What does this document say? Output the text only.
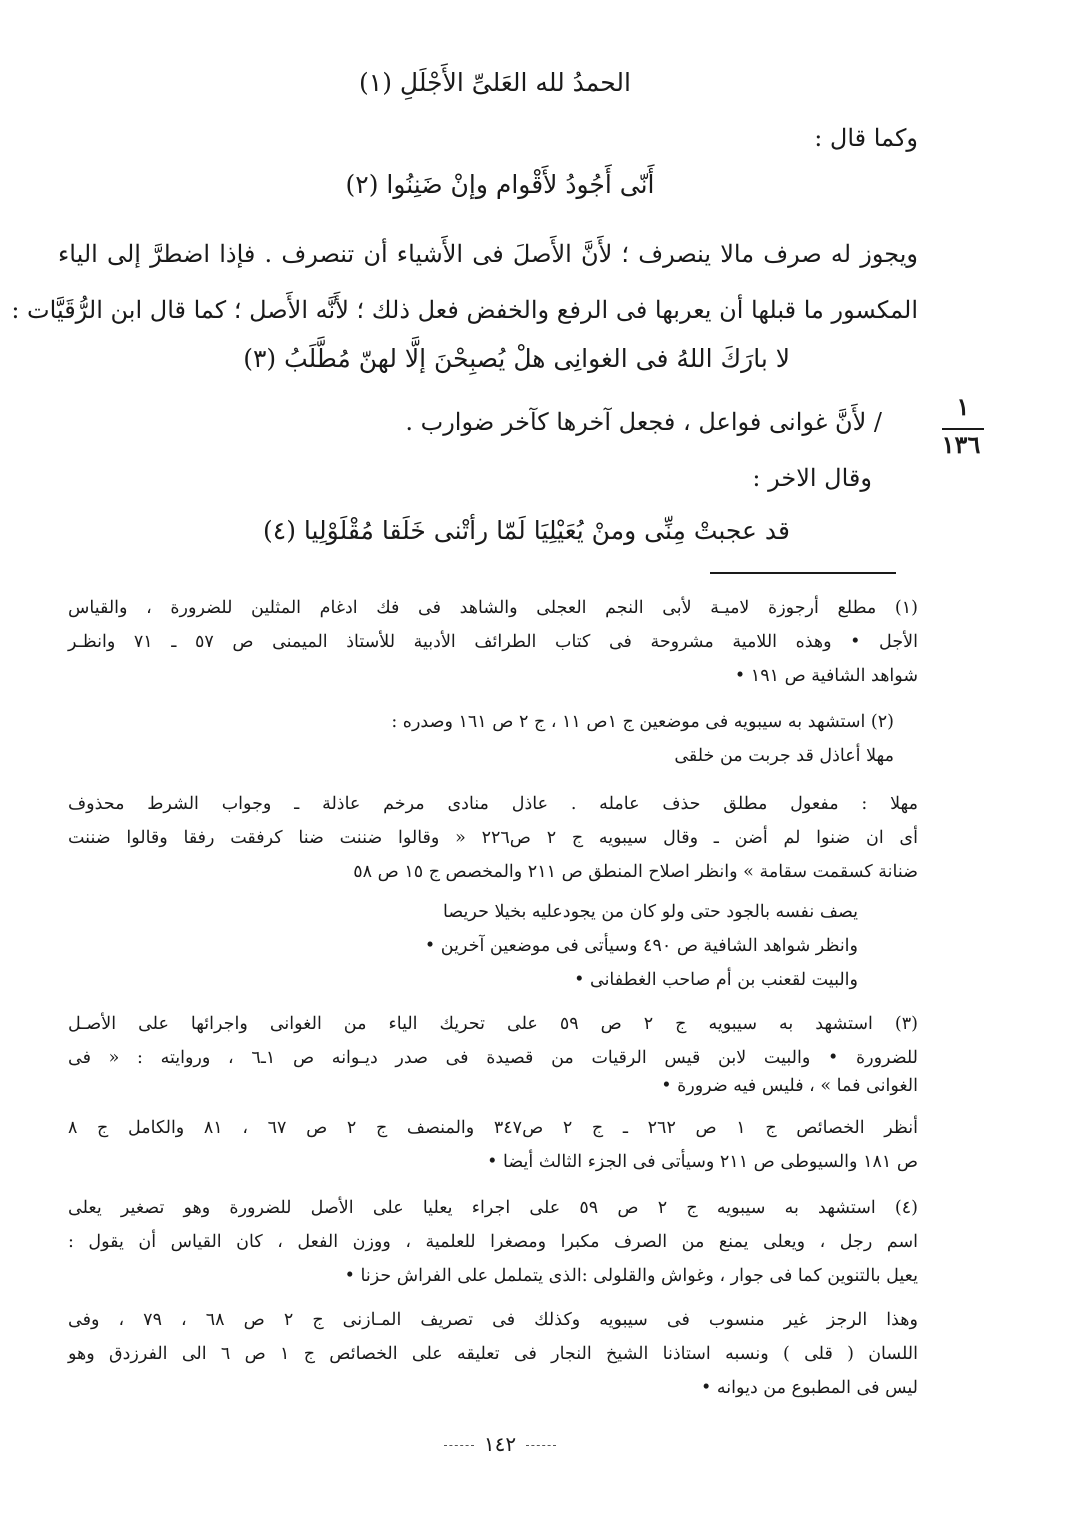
الحمدُ لله العَلىِّ الأَجْلَلِ (١)
وكما قال :
أَنّى أَجُودُ لأَقْوام وإنْ ضَنِنُوا (٢)
ويجوز له صرف مالا ينصرف ؛ لأَنَّ الأَصلَ فى الأَشياء أن تنصرف . فإذا اضطرَّ إلى الياء
المكسور ما قبلها أن يعربها فى الرفع والخفض فعل ذلك ؛ لأَنَّه الأَصل ؛ كما قال ابن الرُّقَيَّات :
لا بارَكَ اللهُ فى الغوانِى هلْ يُصبِحْنَ إلَّا لهنّ مُطَّلَبُ (٣)
/ لأَنَّ غوانى فواعل ، فجعل آخرها كآخر ضوارب .
وقال الاخر :
قد عجبتْ مِنِّى ومنْ يُعَيْلِيَا لَمّا رأتْنى خَلَقا مُقْلَوْلِيا (٤)
١
١٣٦
(١) مطلع أرجوزة لاميـة لأبى النجم العجلى والشاهد فى فك ادغام المثلين للضرورة ، والقياس
الأجل • وهذه اللامية مشروحة فى كتاب الطرائف الأدبية للأستاذ الميمنى ص ٥٧ ـ ٧١ وانظـر
شواهد الشافية ص ١٩١ •
(٢) استشهد به سيبويه فى موضعين ج ١ص ١١ ، ج ٢ ص ١٦١ وصدره :
مهلا أعاذل قد جربت من خلقى
مهلا : مفعول مطلق حذف عامله . عاذل منادى مرخم عاذلة ـ وجواب الشرط محذوف
أى ان ضنوا لم أضن ـ وقال سيبويه ج ٢ ص٢٢٦ « وقالوا ضننت ضنا كرفقت رفقا وقالوا ضننت
ضنانة كسقمت سقامة » وانظر اصلاح المنطق ص ٢١١ والمخصص ج ١٥ ص ٥٨
يصف نفسه بالجود حتى ولو كان من يجودعليه بخيلا حريصا
وانظر شواهد الشافية ص ٤٩٠ وسيأتى فى موضعين آخرين •
والبيت لقعنب بن أم صاحب الغطفانى •
(٣) استشهد به سيبويه ج ٢ ص ٥٩ على تحريك الياء من الغوانى واجرائها على الأصـل
للضرورة • والبيت لابن قيس الرقيات من قصيدة فى صدر ديـوانه ص ١ـ٦ ، وروايته : « فى
الغوانى فما » ، فليس فيه ضرورة •
أنظر الخصائص ج ١ ص ٢٦٢ ـ ج ٢ ص٣٤٧ والمنصف ج ٢ ص ٦٧ ، ٨١ والكامل ج ٨
ص ١٨١ والسيوطى ص ٢١١ وسيأتى فى الجزء الثالث أيضا •
(٤) استشهد به سيبويه ج ٢ ص ٥٩ على اجراء يعليا على الأصل للضرورة وهو تصغير يعلى
اسم رجل ، ويعلى يمنع من الصرف مكبرا ومصغرا للعلمية ، ووزن الفعل ، كان القياس أن يقول :
يعيل بالتنوين كما فى جوار ، وغواش والقلولى :الذى يتململ على الفراش حزنا •
وهذا الرجز غير منسوب فى سيبويه وكذلك فى تصريف المـازنى ج ٢ ص ٦٨ ، ٧٩ ، وفى
اللسان ( قلى ) ونسبه استاذنا الشيخ النجار فى تعليقه على الخصائص ج ١ ص ٦ الى الفرزدق وهو
ليس فى المطبوع من ديوانه •
١٤٢
